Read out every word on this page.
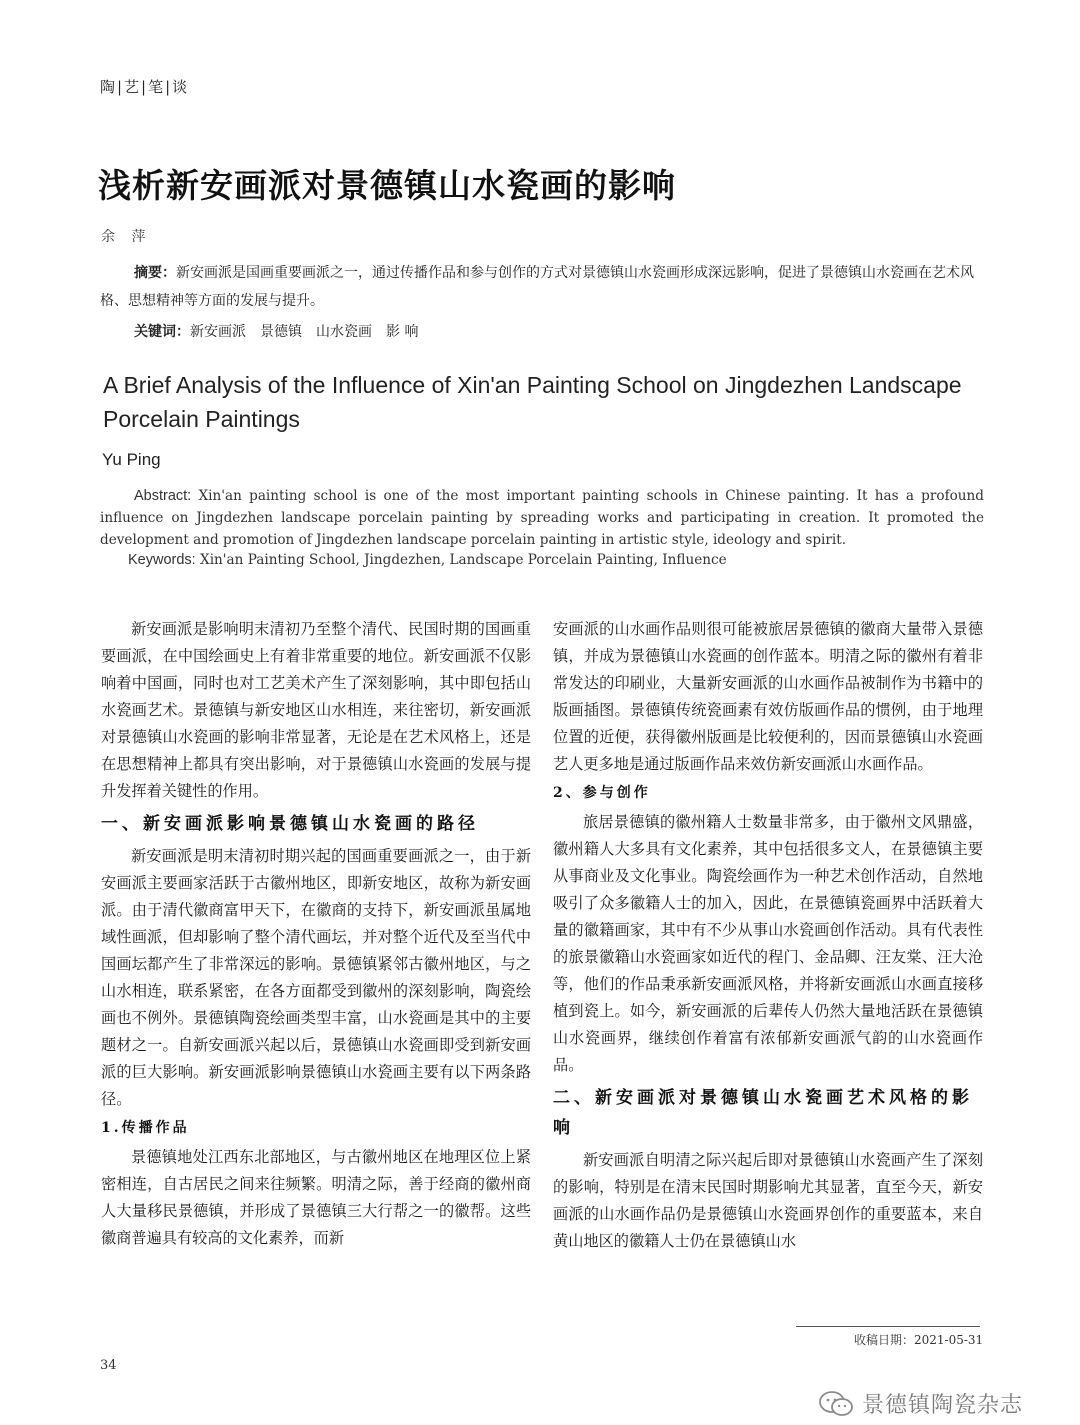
陶|艺|笔|谈
浅析新安画派对景德镇山水瓷画的影响
余 萍
摘要：新安画派是国画重要画派之一，通过传播作品和参与创作的方式对景德镇山水瓷画形成深远影响，促进了景德镇山水瓷画在艺术风格、思想精神等方面的发展与提升。
关键词：新安画派　景德镇　山水瓷画　影 响
A Brief Analysis of the Influence of Xin'an Painting School on Jingdezhen Landscape Porcelain Paintings
Yu Ping
Abstract: Xin'an painting school is one of the most important painting schools in Chinese painting. It has a profound influence on Jingdezhen landscape porcelain painting by spreading works and participating in creation. It promoted the development and promotion of Jingdezhen landscape porcelain painting in artistic style, ideology and spirit.
Keywords: Xin'an Painting School, Jingdezhen, Landscape Porcelain Painting, Influence

新安画派是影响明末清初乃至整个清代、民国时期的国画重要画派，在中国绘画史上有着非常重要的地位。新安画派不仅影响着中国画，同时也对工艺美术产生了深刻影响，其中即包括山水瓷画艺术。景德镇与新安地区山水相连，来往密切，新安画派对景德镇山水瓷画的影响非常显著，无论是在艺术风格上，还是在思想精神上都具有突出影响，对于景德镇山水瓷画的发展与提升发挥着关键性的作用。

一、新安画派影响景德镇山水瓷画的路径

新安画派是明末清初时期兴起的国画重要画派之一，由于新安画派主要画家活跃于古徽州地区，即新安地区，故称为新安画派。由于清代徽商富甲天下，在徽商的支持下，新安画派虽属地域性画派，但却影响了整个清代画坛，并对整个近代及至当代中国画坛都产生了非常深远的影响。景德镇紧邻古徽州地区，与之山水相连，联系紧密，在各方面都受到徽州的深刻影响，陶瓷绘画也不例外。景德镇陶瓷绘画类型丰富，山水瓷画是其中的主要题材之一。自新安画派兴起以后，景德镇山水瓷画即受到新安画派的巨大影响。新安画派影响景德镇山水瓷画主要有以下两条路径。

1.传播作品

景德镇地处江西东北部地区，与古徽州地区在地理区位上紧密相连，自古居民之间来往频繁。明清之际，善于经商的徽州商人大量移民景德镇，并形成了景德镇三大行帮之一的徽帮。这些徽商普遍具有较高的文化素养，而新

安画派的山水画作品则很可能被旅居景德镇的徽商大量带入景德镇，并成为景德镇山水瓷画的创作蓝本。明清之际的徽州有着非常发达的印刷业，大量新安画派的山水画作品被制作为书籍中的版画插图。景德镇传统瓷画素有效仿版画作品的惯例，由于地理位置的近便，获得徽州版画是比较便利的，因而景德镇山水瓷画艺人更多地是通过版画作品来效仿新安画派山水画作品。

2、参与创作

旅居景德镇的徽州籍人士数量非常多，由于徽州文风鼎盛，徽州籍人大多具有文化素养，其中包括很多文人，在景德镇主要从事商业及文化事业。陶瓷绘画作为一种艺术创作活动，自然地吸引了众多徽籍人士的加入，因此，在景德镇瓷画界中活跃着大量的徽籍画家，其中有不少从事山水瓷画创作活动。具有代表性的旅景徽籍山水瓷画家如近代的程门、金品卿、汪友棠、汪大沧等，他们的作品秉承新安画派风格，并将新安画派山水画直接移植到瓷上。如今，新安画派的后辈传人仍然大量地活跃在景德镇山水瓷画界，继续创作着富有浓郁新安画派气韵的山水瓷画作品。

二、新安画派对景德镇山水瓷画艺术风格的影响

新安画派自明清之际兴起后即对景德镇山水瓷画产生了深刻的影响，特别是在清末民国时期影响尤其显著，直至今天，新安画派的山水画作品仍是景德镇山水瓷画界创作的重要蓝本，来自黄山地区的徽籍人士仍在景德镇山水

收稿日期：2021-05-31
34
景德镇陶瓷杂志
